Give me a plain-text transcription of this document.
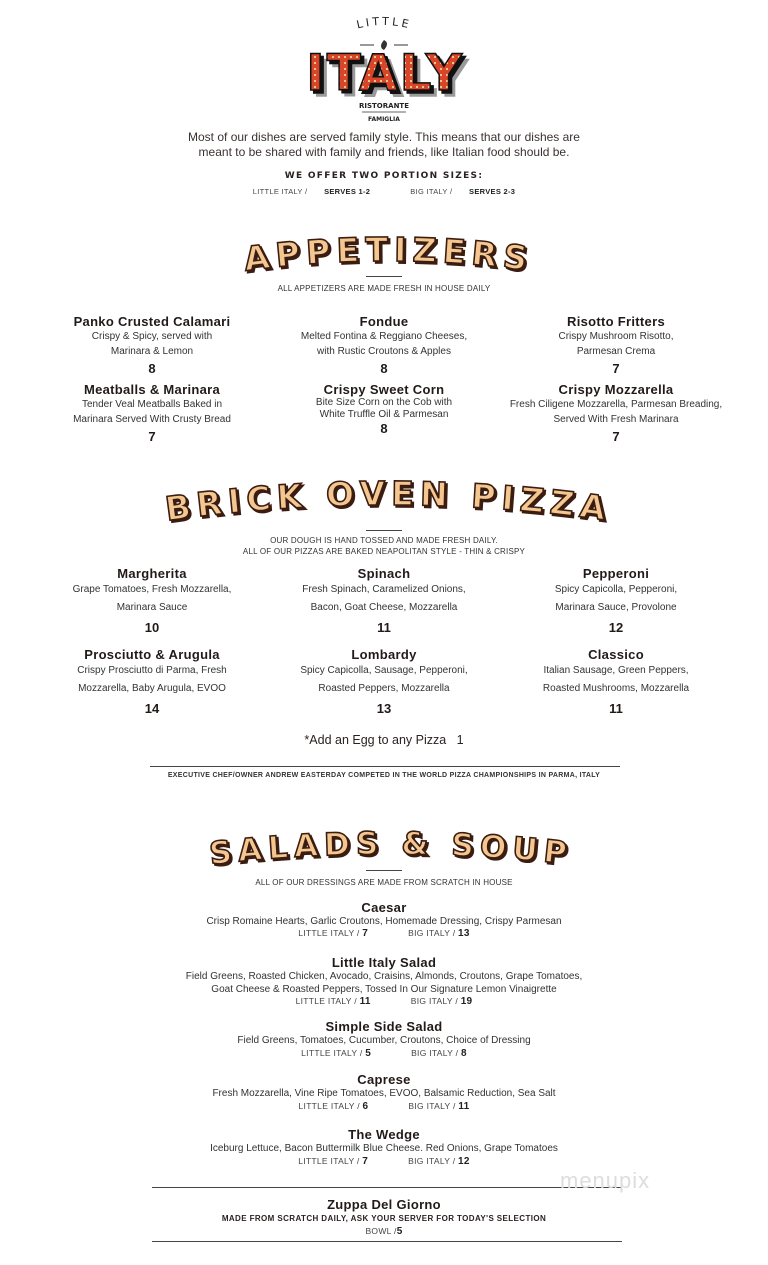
LITTLE
ITALY
RISTORANTE
FAMIGLIA
Most of our dishes are served family style. This means that our dishes are
meant to be shared with family and friends, like Italian food should be.
WE OFFER TWO PORTION SIZES:
LITTLE ITALY / SERVES 1-2	BIG ITALY / SERVES 2-3
APPETIZERS
ALL APPETIZERS ARE MADE FRESH IN HOUSE DAILY
Panko Crusted Calamari
Crispy & Spicy, served with
Marinara & Lemon
8
Fondue
Melted Fontina & Reggiano Cheeses,
with Rustic Croutons & Apples
8
Risotto Fritters
Crispy Mushroom Risotto,
Parmesan Crema
7
Meatballs & Marinara
Tender Veal Meatballs Baked in
Marinara Served With Crusty Bread
7
Crispy Sweet Corn
Bite Size Corn on the Cob with
White Truffle Oil & Parmesan
8
Crispy Mozzarella
Fresh Ciligene Mozzarella, Parmesan Breading,
Served With Fresh Marinara
7
BRICK OVEN PIZZA
OUR DOUGH IS HAND TOSSED AND MADE FRESH DAILY.
ALL OF OUR PIZZAS ARE BAKED NEAPOLITAN STYLE - THIN & CRISPY
Margherita
Grape Tomatoes, Fresh Mozzarella,
Marinara Sauce
10
Spinach
Fresh Spinach, Caramelized Onions,
Bacon, Goat Cheese, Mozzarella
11
Pepperoni
Spicy Capicolla, Pepperoni,
Marinara Sauce, Provolone
12
Prosciutto & Arugula
Crispy Prosciutto di Parma, Fresh
Mozzarella, Baby Arugula, EVOO
14
Lombardy
Spicy Capicolla, Sausage, Pepperoni,
Roasted Peppers, Mozzarella
13
Classico
Italian Sausage, Green Peppers,
Roasted Mushrooms, Mozzarella
11
*Add an Egg to any Pizza   1
EXECUTIVE CHEF/OWNER ANDREW EASTERDAY COMPETED IN THE WORLD PIZZA CHAMPIONSHIPS IN PARMA, ITALY
SALADS & SOUP
ALL OF OUR DRESSINGS ARE MADE FROM SCRATCH IN HOUSE
Caesar
Crisp Romaine Hearts, Garlic Croutons, Homemade Dressing, Crispy Parmesan
LITTLE ITALY / 7	BIG ITALY / 13
Little Italy Salad
Field Greens, Roasted Chicken, Avocado, Craisins, Almonds, Croutons, Grape Tomatoes,
Goat Cheese & Roasted Peppers, Tossed In Our Signature Lemon Vinaigrette
LITTLE ITALY / 11	BIG ITALY / 19
Simple Side Salad
Field Greens, Tomatoes, Cucumber, Croutons, Choice of Dressing
LITTLE ITALY / 5	BIG ITALY / 8
Caprese
Fresh Mozzarella, Vine Ripe Tomatoes, EVOO, Balsamic Reduction, Sea Salt
LITTLE ITALY / 6	BIG ITALY / 11
The Wedge
Iceburg Lettuce, Bacon Buttermilk Blue Cheese. Red Onions, Grape Tomatoes
LITTLE ITALY / 7	BIG ITALY / 12
menupix
Zuppa Del Giorno
MADE FROM SCRATCH DAILY, ASK YOUR SERVER FOR TODAY'S SELECTION
BOWL /5
